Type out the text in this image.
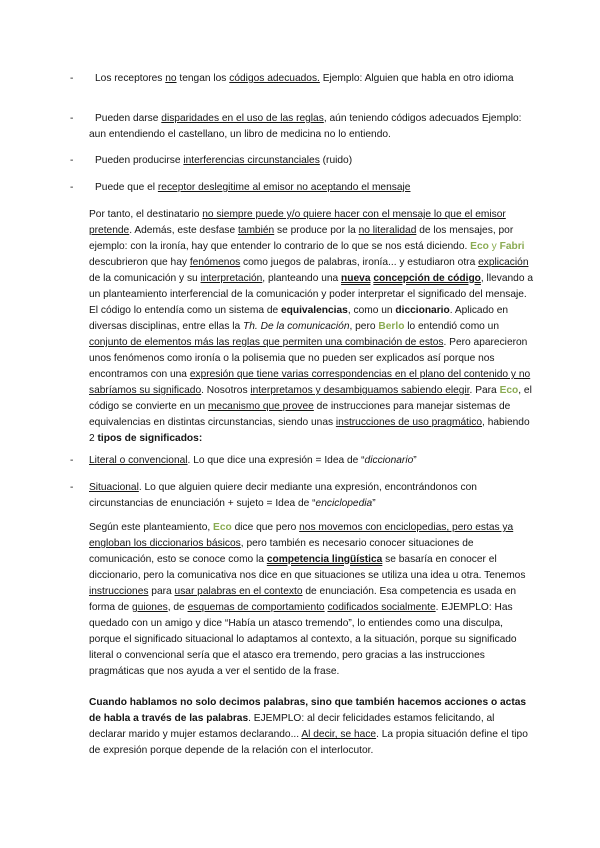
-	Los receptores no tengan los códigos adecuados. Ejemplo: Alguien que habla en otro idioma
-	Pueden darse disparidades en el uso de las reglas, aún teniendo códigos adecuados Ejemplo: aun entendiendo el castellano, un libro de medicina no lo entiendo.
-	Pueden producirse interferencias circunstanciales (ruido)
-	Puede que el receptor deslegitime al emisor no aceptando el mensaje
Por tanto, el destinatario no siempre puede y/o quiere hacer con el mensaje lo que el emisor pretende. Además, este desfase también se produce por la no literalidad de los mensajes, por ejemplo: con la ironía, hay que entender lo contrario de lo que se nos está diciendo. Eco y Fabri descubrieron que hay fenómenos como juegos de palabras, ironía... y estudiaron otra explicación de la comunicación y su interpretación, planteando una nueva concepción de código, llevando a un planteamiento interferencial de la comunicación y poder interpretar el significado del mensaje. El código lo entendía como un sistema de equivalencias, como un diccionario. Aplicado en diversas disciplinas, entre ellas la Th. De la comunicación, pero Berlo lo entendió como un conjunto de elementos más las reglas que permiten una combinación de estos. Pero aparecieron unos fenómenos como ironía o la polisemia que no pueden ser explicados así porque nos encontramos con una expresión que tiene varias correspondencias en el plano del contenido y no sabríamos su significado. Nosotros interpretamos y desambiguamos sabiendo elegir. Para Eco, el código se convierte en un mecanismo que provee de instrucciones para manejar sistemas de equivalencias en distintas circunstancias, siendo unas instrucciones de uso pragmático, habiendo 2 tipos de significados:
-	Literal o convencional. Lo que dice una expresión = Idea de “diccionario”
-	Situacional. Lo que alguien quiere decir mediante una expresión, encontrándonos con circunstancias de enunciación + sujeto = Idea de “enciclopedia”
Según este planteamiento, Eco dice que pero nos movemos con enciclopedias, pero estas ya engloban los diccionarios básicos, pero también es necesario conocer situaciones de comunicación, esto se conoce como la competencia lingüística se basaría en conocer el diccionario, pero la comunicativa nos dice en que situaciones se utiliza una idea u otra. Tenemos instrucciones para usar palabras en el contexto de enunciación. Esa competencia es usada en forma de guiones, de esquemas de comportamiento codificados socialmente. EJEMPLO: Has quedado con un amigo y dice “Había un atasco tremendo”, lo entiendes como una disculpa, porque el significado situacional lo adaptamos al contexto, a la situación, porque su significado literal o convencional sería que el atasco era tremendo, pero gracias a las instrucciones pragmáticas que nos ayuda a ver el sentido de la frase.
Cuando hablamos no solo decimos palabras, sino que también hacemos acciones o actas de habla a través de las palabras. EJEMPLO: al decir felicidades estamos felicitando, al declarar marido y mujer estamos declarando... Al decir, se hace. La propia situación define el tipo de expresión porque depende de la relación con el interlocutor.
